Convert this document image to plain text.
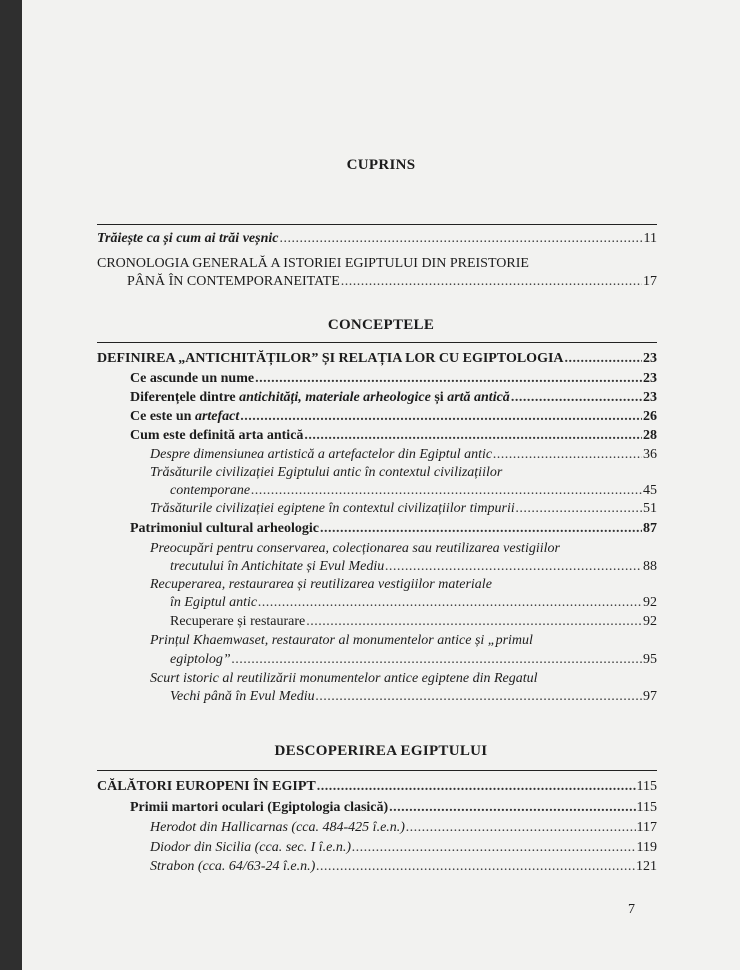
CUPRINS
Trăiește ca și cum ai trăi veșnic .....	11
CRONOLOGIA GENERALĂ A ISTORIEI EGIPTULUI DIN PREISTORIE
PÂNĂ ÎN CONTEMPORANEITATE .....	17
CONCEPTELE
DEFINIREA „ANTICHITĂȚILOR” ȘI RELAȚIA LOR CU EGIPTOLOGIA .....	23
Ce ascunde un nume .....	23
Diferențele dintre antichități, materiale arheologice și artă antică .....	23
Ce este un artefact .....	26
Cum este definită arta antică .....	28
Despre dimensiunea artistică a artefactelor din Egiptul antic .....	36
Trăsăturile civilizației Egiptului antic în contextul civilizațiilor
contemporane .....	45
Trăsăturile civilizației egiptene în contextul civilizațiilor timpurii .....	51
Patrimoniul cultural arheologic .....	87
Preocupări pentru conservarea, colecționarea sau reutilizarea vestigiilor
trecutului în Antichitate și Evul Mediu .....	88
Recuperarea, restaurarea și reutilizarea vestigiilor materiale
în Egiptul antic .....	92
Recuperare și restaurare .....	92
Prințul Khaemwaset, restaurator al monumentelor antice și „primul
egiptolog” .....	95
Scurt istoric al reutilizării monumentelor antice egiptene din Regatul
Vechi până în Evul Mediu .....	97
DESCOPERIREA EGIPTULUI
CĂLĂTORI EUROPENI ÎN EGIPT .....	115
Primii martori oculari (Egiptologia clasică) .....	115
Herodot din Hallicarnas (cca. 484-425 î.e.n.) .....	117
Diodor din Sicilia (cca. sec. I î.e.n.) .....	119
Strabon (cca. 64/63-24 î.e.n.) .....	121
7
